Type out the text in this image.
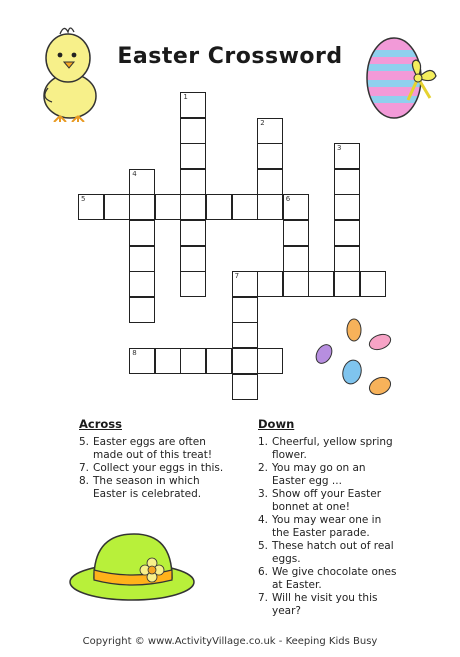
Easter Crossword
1
2
3
4
5	6
7
8
Across
5. Easter eggs are often made out of this treat!
7. Collect your eggs in this.
8. The season in which Easter is celebrated.
Down
1. Cheerful, yellow spring flower.
2. You may go on an Easter egg ...
3. Show off your Easter bonnet at one!
4. You may wear one in the Easter parade.
5. These hatch out of real eggs.
6. We give chocolate ones at Easter.
7. Will he visit you this year?
Copyright © www.ActivityVillage.co.uk - Keeping Kids Busy
